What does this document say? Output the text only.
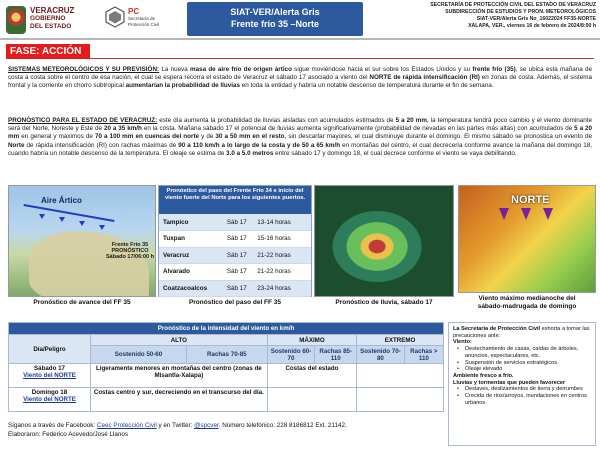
VERACRUZ
GOBIERNO
DEL ESTADO
PC
Secretaría de
Protección Civil
SIAT-VER/Alerta Gris
Frente frío 35 –Norte
SECRETARÍA DE PROTECCIÓN CIVIL DEL ESTADO DE VERACRUZ
SUBDIRECCIÓN DE ESTUDIOS Y PRON. METEOROLÓGICOS
SIAT-VER/Alerta Gris No_16022024 FF35-NORTE
XALAPA, VER., viernes 16 de febrero de 2024/8:00 h
FASE: ACCIÓN
SISTEMAS METEOROLÓGICOS Y SU PREVISIÓN: La nueva masa de aire frío de origen ártico sigue moviéndose hacia el sur sobre los Estados Unidos y su frente frío (35), se ubica esta mañana de costa a costa sobre el centro de esa nación, el cual se espera recorra el estado de Veracruz el sábado 17 asociado a viento del NORTE de rápida intensificación (RI) en zonas de costa. Además, el sistema frontal y la corriente en chorro subtropical aumentarían la probabilidad de lluvias en toda la entidad y habría un notable descenso de temperatura durante el fin de semana.
PRONÓSTICO PARA EL ESTADO DE VERACRUZ: este día aumenta la probabilidad de lluvias aisladas con acumulados estimados de 5 a 20 mm, la temperatura tendrá poco cambio y el viento dominante será del Norte, Noreste y Este de 20 a 35 km/h en la costa. Mañana sábado 17 el potencial de lluvias aumenta significativamente (probabilidad de nevadas en las partes más altas) con acumulados de 5 a 20 mm en general y máximos de 70 a 100 mm en cuencas del norte y de 30 a 50 mm en el resto, sin descartar mayores, el cual disminuye durante el domingo. El mismo sábado se pronostica un evento de Norte de rápida intensificación (RI) con rachas máximas de 90 a 110 km/h a lo largo de la costa y de 50 a 65 km/h en montañas del centro, el cual decrecería conforme avance la mañana del domingo 18, cuando habría un notable descenso de la temperatura. El oleaje se estima de 3.0 a 5.0 metros entre sábado 17 y domingo 18, el cual decrece conforme el viento se vaya debilitando.
Aire Ártico
Frente Frío 35
PRONÓSTICO
Sábado 17/06:00 h
Pronóstico de avance del FF 35
Pronóstico del paso del Frente Frío 34 e inicio del viento fuerte del Norte para los siguientes puertos.
Tampico	Sáb 17	13-14 horas
Tuxpan	Sáb 17	15-16 horas
Veracruz	Sáb 17	21-22 horas
Alvarado	Sáb 17	21-22 horas
Coatzacoalcos	Sáb 17	23-24 horas
Pronóstico del paso del FF 35	Pronóstico de lluvia, sábado 17
NORTE
Viento máximo medianoche del
sábado-madrugada de domingo
Pronóstico de la intensidad del viento en km/h						
Día/Peligro	ALTO		MÁXIMO		EXTREMO	
	Sostenido 50-60	Rachas 70-85	Sostenido 60-70	Rachas 85-110	Sostenido 70-80	Rachas > 110

Sábado 17
Viento del NORTE	Ligeramente menores en montañas del centro (zonas de Misantla-Xalapa)		Costas del estado			

Domingo 18
Viento del NORTE	Costas centro y sur, decreciendo en el transcurso del día.					
La Secretaría de Protección Civil exhorta a tomar las precauciones ante:
Viento:
• Destechamiento de casas, caídas de árboles, anuncios, espectaculares, etc.
• Suspensión de servicios estratégicos.
• Oleaje elevado
Ambiente fresco a frío.
Lluvias y tormentas que pueden favorecer
• Deslaves, deslizamientos de tierra y derrumbes
• Crecida de ríos/arroyos, inundaciones en centros urbanos.
Síganos a través de Facebook: Ceec Protección Civil y en Twitter: @spcver. Número telefónico: 228 8186812 Ext. 21142.
Elaboraron: Federico Acevedo/José Llanos
